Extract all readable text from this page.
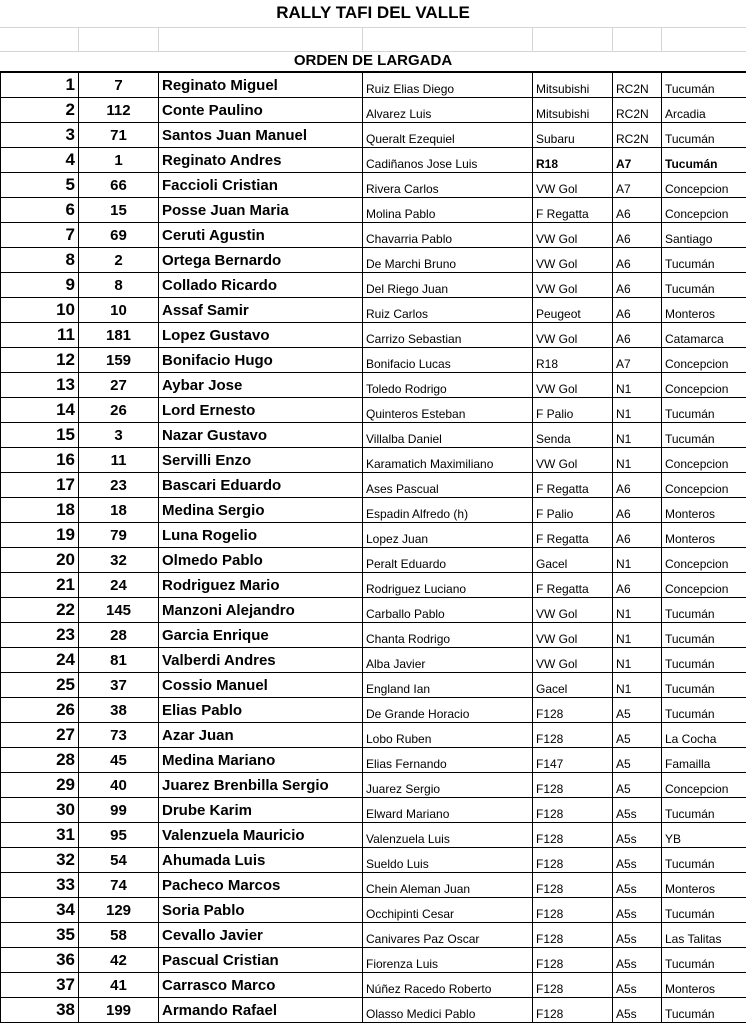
RALLY TAFI DEL VALLE
ORDEN DE LARGADA
1	7	Reginato Miguel	Ruiz Elias Diego	Mitsubishi	RC2N	Tucumán
2	112	Conte Paulino	Alvarez Luis	Mitsubishi	RC2N	Arcadia
3	71	Santos Juan Manuel	Queralt Ezequiel	Subaru	RC2N	Tucumán
4	1	Reginato Andres	Cadiñanos Jose Luis	R18	A7	Tucumán
5	66	Faccioli Cristian	Rivera Carlos	VW Gol	A7	Concepcion
6	15	Posse Juan Maria	Molina Pablo	F Regatta	A6	Concepcion
7	69	Ceruti Agustin	Chavarria Pablo	VW Gol	A6	Santiago
8	2	Ortega Bernardo	De Marchi Bruno	VW Gol	A6	Tucumán
9	8	Collado Ricardo	Del Riego Juan	VW Gol	A6	Tucumán
10	10	Assaf Samir	Ruiz Carlos	Peugeot	A6	Monteros
11	181	Lopez Gustavo	Carrizo Sebastian	VW Gol	A6	Catamarca
12	159	Bonifacio Hugo	Bonifacio Lucas	R18	A7	Concepcion
13	27	Aybar Jose	Toledo Rodrigo	VW Gol	N1	Concepcion
14	26	Lord Ernesto	Quinteros Esteban	F Palio	N1	Tucumán
15	3	Nazar Gustavo	Villalba Daniel	Senda	N1	Tucumán
16	11	Servilli Enzo	Karamatich Maximiliano	VW Gol	N1	Concepcion
17	23	Bascari Eduardo	Ases Pascual	F Regatta	A6	Concepcion
18	18	Medina Sergio	Espadin Alfredo (h)	F Palio	A6	Monteros
19	79	Luna Rogelio	Lopez Juan	F Regatta	A6	Monteros
20	32	Olmedo Pablo	Peralt Eduardo	Gacel	N1	Concepcion
21	24	Rodriguez Mario	Rodriguez Luciano	F Regatta	A6	Concepcion
22	145	Manzoni Alejandro	Carballo Pablo	VW Gol	N1	Tucumán
23	28	Garcia Enrique	Chanta Rodrigo	VW Gol	N1	Tucumán
24	81	Valberdi Andres	Alba Javier	VW Gol	N1	Tucumán
25	37	Cossio Manuel	England Ian	Gacel	N1	Tucumán
26	38	Elias Pablo	De Grande Horacio	F128	A5	Tucumán
27	73	Azar Juan	Lobo Ruben	F128	A5	La Cocha
28	45	Medina Mariano	Elias Fernando	F147	A5	Famailla
29	40	Juarez Brenbilla Sergio	Juarez Sergio	F128	A5	Concepcion
30	99	Drube Karim	Elward Mariano	F128	A5s	Tucumán
31	95	Valenzuela Mauricio	Valenzuela Luis	F128	A5s	YB
32	54	Ahumada Luis	Sueldo Luis	F128	A5s	Tucumán
33	74	Pacheco Marcos	Chein Aleman Juan	F128	A5s	Monteros
34	129	Soria Pablo	Occhipinti Cesar	F128	A5s	Tucumán
35	58	Cevallo Javier	Canivares Paz Oscar	F128	A5s	Las Talitas
36	42	Pascual Cristian	Fiorenza Luis	F128	A5s	Tucumán
37	41	Carrasco Marco	Núñez Racedo Roberto	F128	A5s	Monteros
38	199	Armando Rafael	Olasso Medici Pablo	F128	A5s	Tucumán
